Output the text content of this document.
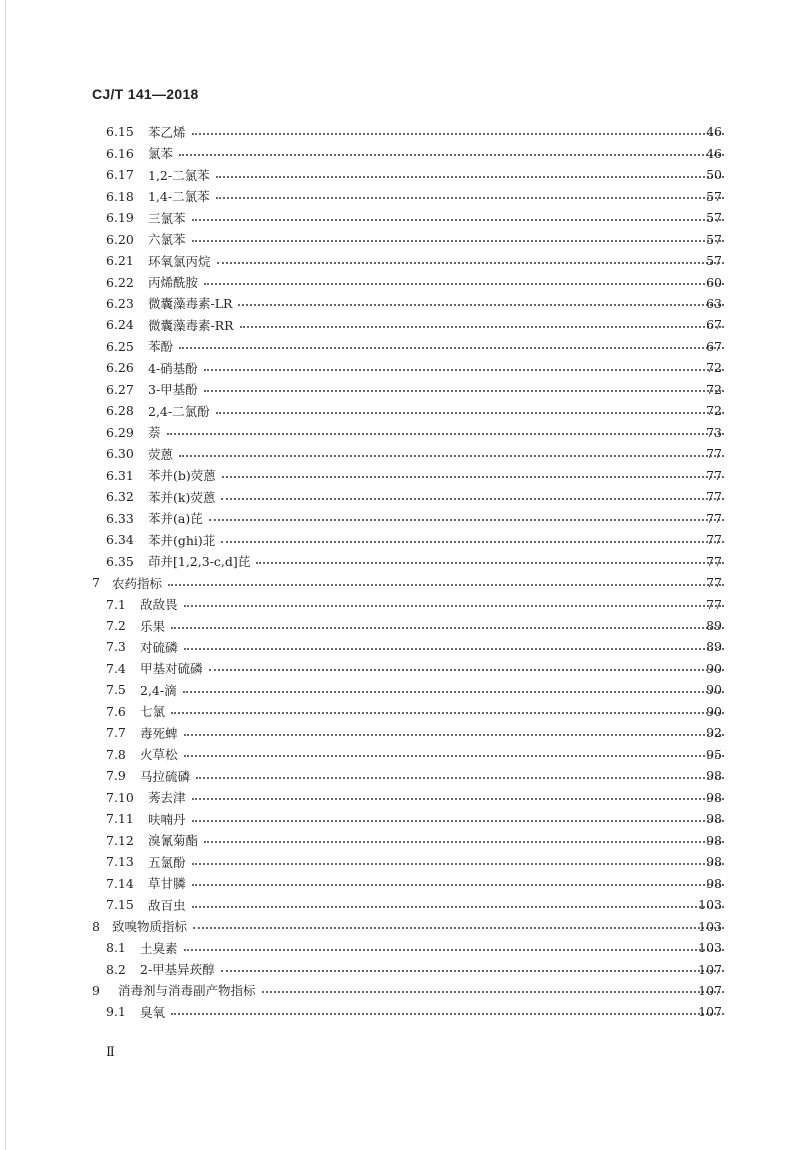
CJ/T 141—2018
6.15 苯乙烯	46
6.16 氯苯	46
6.17 1,2-二氯苯	50
6.18 1,4-二氯苯	57
6.19 三氯苯	57
6.20 六氯苯	57
6.21 环氧氯丙烷	57
6.22 丙烯酰胺	60
6.23 微囊藻毒素-LR	63
6.24 微囊藻毒素-RR	67
6.25 苯酚	67
6.26 4-硝基酚	72
6.27 3-甲基酚	72
6.28 2,4-二氯酚	72
6.29 萘	73
6.30 荧蒽	77
6.31 苯并(b)荧蒽	77
6.32 苯并(k)荧蒽	77
6.33 苯并(a)芘	77
6.34 苯并(ghi)苝	77
6.35 茚并[1,2,3-c,d]芘	77
7 农药指标	77
7.1 敌敌畏	77
7.2 乐果	89
7.3 对硫磷	89
7.4 甲基对硫磷	90
7.5 2,4-滴	90
7.6 七氯	90
7.7 毒死蜱	92
7.8 火草松	95
7.9 马拉硫磷	98
7.10 莠去津	98
7.11 呋喃丹	98
7.12 溴氰菊酯	98
7.13 五氯酚	98
7.14 草甘膦	98
7.15 敌百虫	103
8 致嗅物质指标	103
8.1 土臭素	103
8.2 2-甲基异莰醇	107
9 消毒剂与消毒副产物指标	107
9.1 臭氧	107
Ⅱ
